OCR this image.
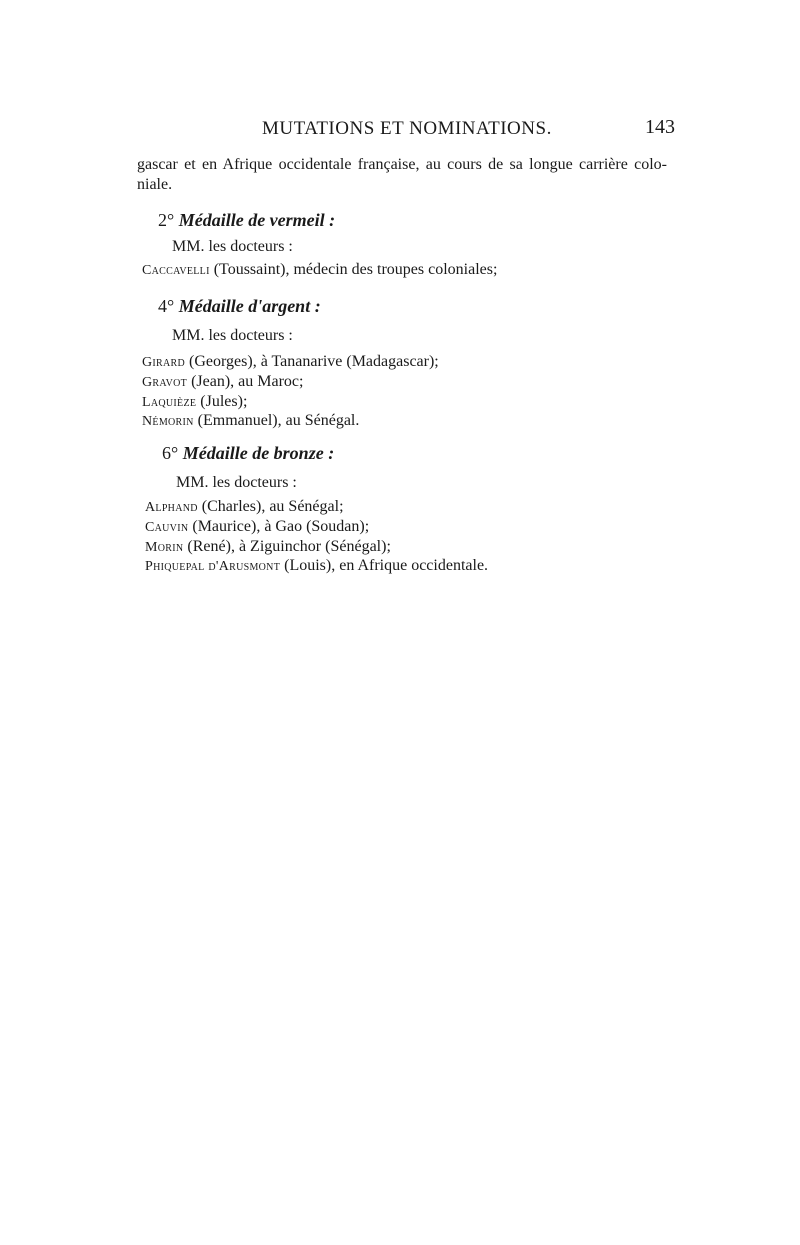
MUTATIONS ET NOMINATIONS.	143
gascar et en Afrique occidentale française, au cours de sa longue carrière colo-
niale.
2° Médaille de vermeil :
MM. les docteurs :
Caccavelli (Toussaint), médecin des troupes coloniales;
4° Médaille d'argent :
MM. les docteurs :
Girard (Georges), à Tananarive (Madagascar);
Gravot (Jean), au Maroc;
Laquièze (Jules);
Némorin (Emmanuel), au Sénégal.
6° Médaille de bronze :
MM. les docteurs :
Alphand (Charles), au Sénégal;
Cauvin (Maurice), à Gao (Soudan);
Morin (René), à Ziguinchor (Sénégal);
Phiquepal d'Arusmont (Louis), en Afrique occidentale.
